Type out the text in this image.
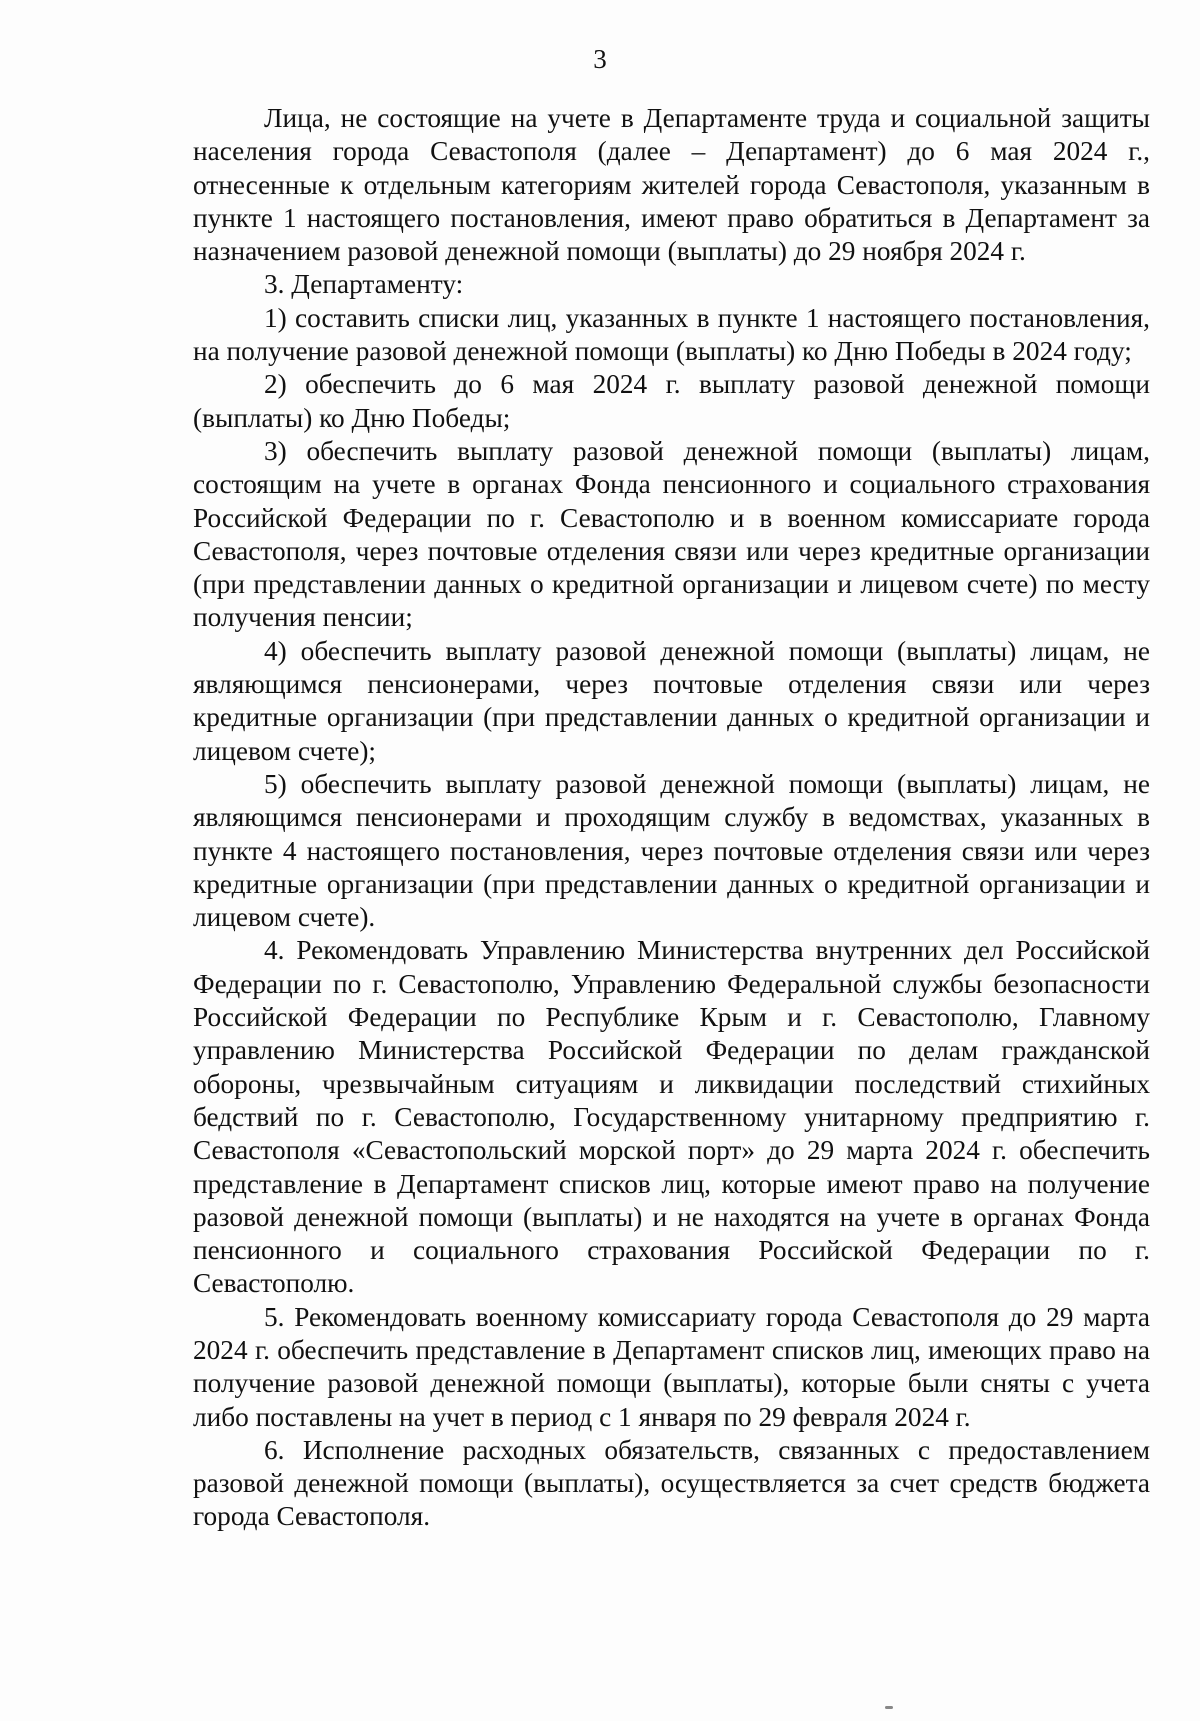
3

Лица, не состоящие на учете в Департаменте труда и социальной защиты населения города Севастополя (далее – Департамент) до 6 мая 2024 г., отнесенные к отдельным категориям жителей города Севастополя, указанным в пункте 1 настоящего постановления, имеют право обратиться в Департамент за назначением разовой денежной помощи (выплаты) до 29 ноября 2024 г.

3. Департаменту:

1) составить списки лиц, указанных в пункте 1 настоящего постановления, на получение разовой денежной помощи (выплаты) ко Дню Победы в 2024 году;

2) обеспечить до 6 мая 2024 г. выплату разовой денежной помощи (выплаты) ко Дню Победы;

3) обеспечить выплату разовой денежной помощи (выплаты) лицам, состоящим на учете в органах Фонда пенсионного и социального страхования Российской Федерации по г. Севастополю и в военном комиссариате города Севастополя, через почтовые отделения связи или через кредитные организации (при представлении данных о кредитной организации и лицевом счете) по месту получения пенсии;

4) обеспечить выплату разовой денежной помощи (выплаты) лицам, не являющимся пенсионерами, через почтовые отделения связи или через кредитные организации (при представлении данных о кредитной организации и лицевом счете);

5) обеспечить выплату разовой денежной помощи (выплаты) лицам, не являющимся пенсионерами и проходящим службу в ведомствах, указанных в пункте 4 настоящего постановления, через почтовые отделения связи или через кредитные организации (при представлении данных о кредитной организации и лицевом счете).

4. Рекомендовать Управлению Министерства внутренних дел Российской Федерации по г. Севастополю, Управлению Федеральной службы безопасности Российской Федерации по Республике Крым и г. Севастополю, Главному управлению Министерства Российской Федерации по делам гражданской обороны, чрезвычайным ситуациям и ликвидации последствий стихийных бедствий по г. Севастополю, Государственному унитарному предприятию г. Севастополя «Севастопольский морской порт» до 29 марта 2024 г. обеспечить представление в Департамент списков лиц, которые имеют право на получение разовой денежной помощи (выплаты) и не находятся на учете в органах Фонда пенсионного и социального страхования Российской Федерации по г. Севастополю.

5. Рекомендовать военному комиссариату города Севастополя до 29 марта 2024 г. обеспечить представление в Департамент списков лиц, имеющих право на получение разовой денежной помощи (выплаты), которые были сняты с учета либо поставлены на учет в период с 1 января по 29 февраля 2024 г.

6. Исполнение расходных обязательств, связанных с предоставлением разовой денежной помощи (выплаты), осуществляется за счет средств бюджета города Севастополя.
